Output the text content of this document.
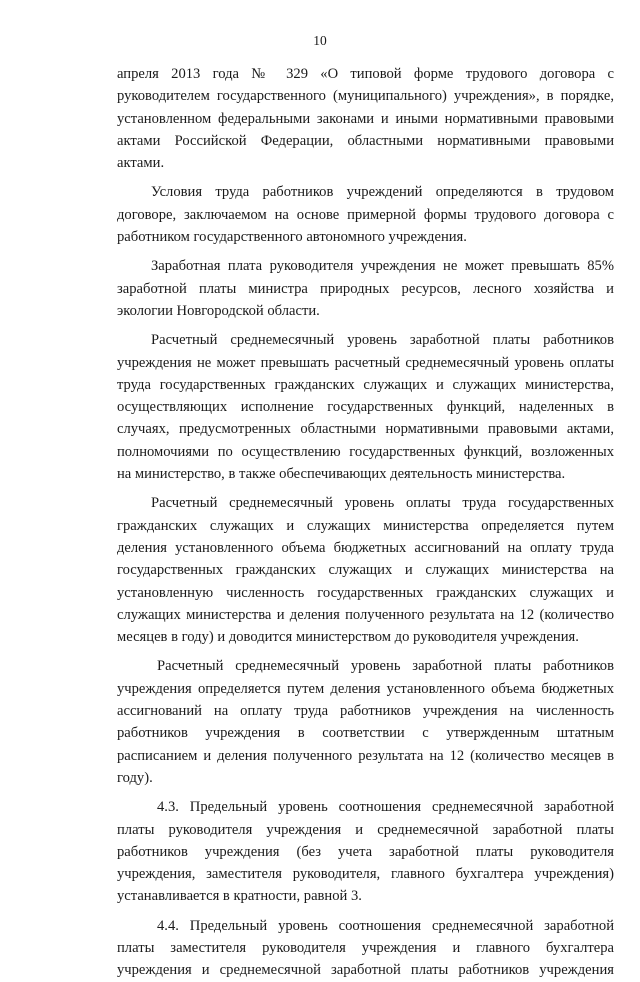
10
апреля 2013 года № 329 «О типовой форме трудового договора с
руководителем государственного (муниципального) учреждения», в порядке,
установленном федеральными законами и иными нормативными правовыми
актами Российской Федерации, областными нормативными правовыми
актами.
Условия труда работников учреждений определяются в трудовом
договоре, заключаемом на основе примерной формы трудового договора с
работником государственного автономного учреждения.
Заработная плата руководителя учреждения не может превышать 85%
заработной платы министра природных ресурсов, лесного хозяйства и
экологии Новгородской области.
Расчетный среднемесячный уровень заработной платы работников
учреждения не может превышать расчетный среднемесячный уровень оплаты
труда государственных гражданских служащих и служащих министерства,
осуществляющих исполнение государственных функций, наделенных в
случаях, предусмотренных областными нормативными правовыми актами,
полномочиями по осуществлению государственных функций, возложенных
на министерство, в также обеспечивающих деятельность министерства.
Расчетный среднемесячный уровень оплаты труда государственных
гражданских служащих и служащих министерства определяется путем
деления установленного объема бюджетных ассигнований на оплату труда
государственных гражданских служащих и служащих министерства на
установленную численность государственных гражданских служащих и
служащих министерства и деления полученного результата на 12 (количество
месяцев в году) и доводится министерством до руководителя учреждения.
Расчетный среднемесячный уровень заработной платы работников
учреждения определяется путем деления установленного объема бюджетных
ассигнований на оплату труда работников учреждения на численность
работников учреждения в соответствии с утвержденным штатным
расписанием и деления полученного результата на 12 (количество месяцев в
году).
4.3. Предельный уровень соотношения среднемесячной заработной
платы руководителя учреждения и среднемесячной заработной платы
работников учреждения (без учета заработной платы руководителя
учреждения, заместителя руководителя, главного бухгалтера учреждения)
устанавливается в кратности, равной 3.
4.4. Предельный уровень соотношения среднемесячной заработной
платы заместителя руководителя учреждения и главного бухгалтера
учреждения и среднемесячной заработной платы работников учреждения
